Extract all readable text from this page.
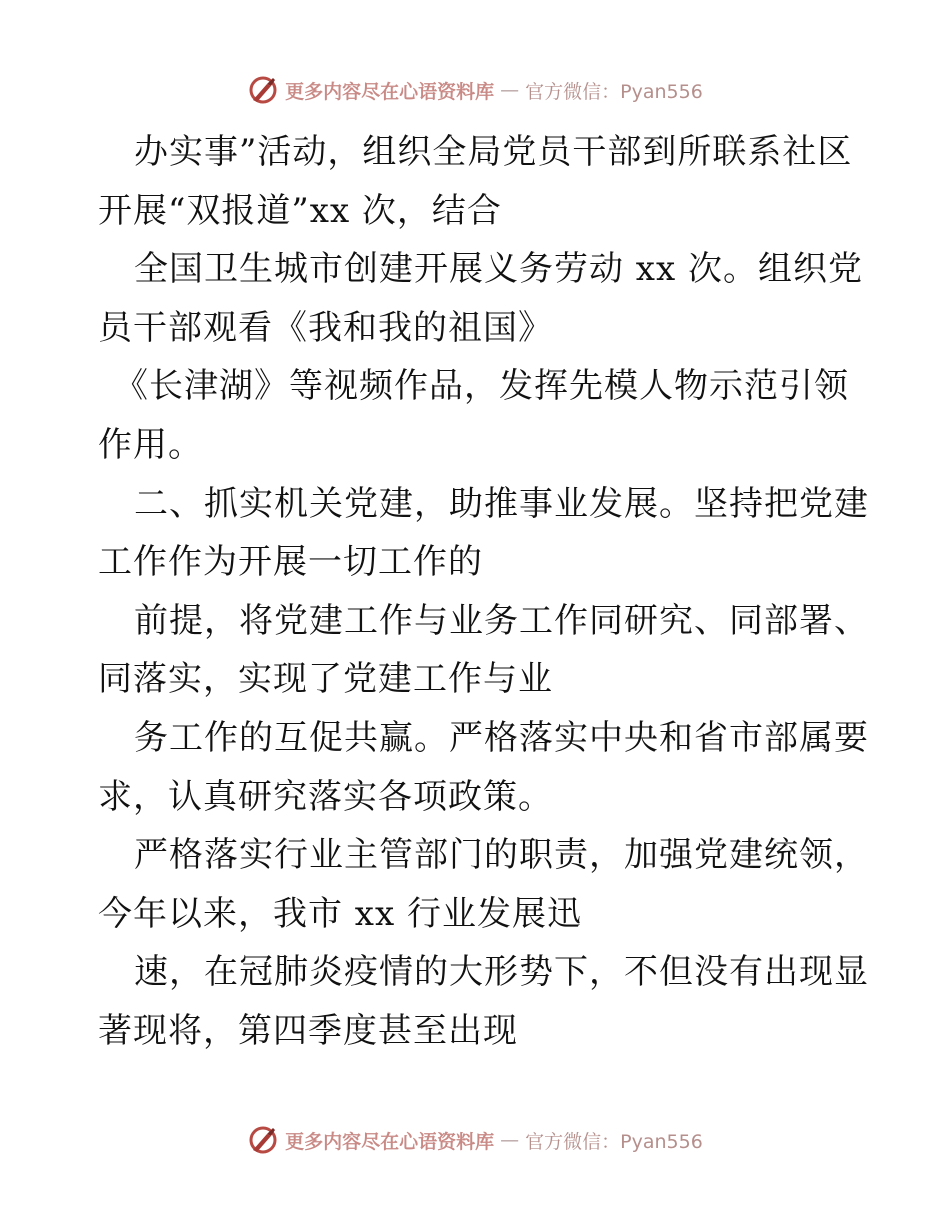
更多内容尽在心语资料库 — 官方微信：Pyan556
办实事”活动，组织全局党员干部到所联系社区
开展“双报道”xx 次，结合
全国卫生城市创建开展义务劳动 xx 次。组织党
员干部观看《我和我的祖国》
《长津湖》等视频作品，发挥先模人物示范引领
作用。
二、抓实机关党建，助推事业发展。坚持把党建
工作作为开展一切工作的
前提，将党建工作与业务工作同研究、同部署、
同落实，实现了党建工作与业
务工作的互促共赢。严格落实中央和省市部属要
求，认真研究落实各项政策。
严格落实行业主管部门的职责，加强党建统领，
今年以来，我市 xx 行业发展迅
速，在冠肺炎疫情的大形势下，不但没有出现显
著现将，第四季度甚至出现
更多内容尽在心语资料库 — 官方微信：Pyan556
